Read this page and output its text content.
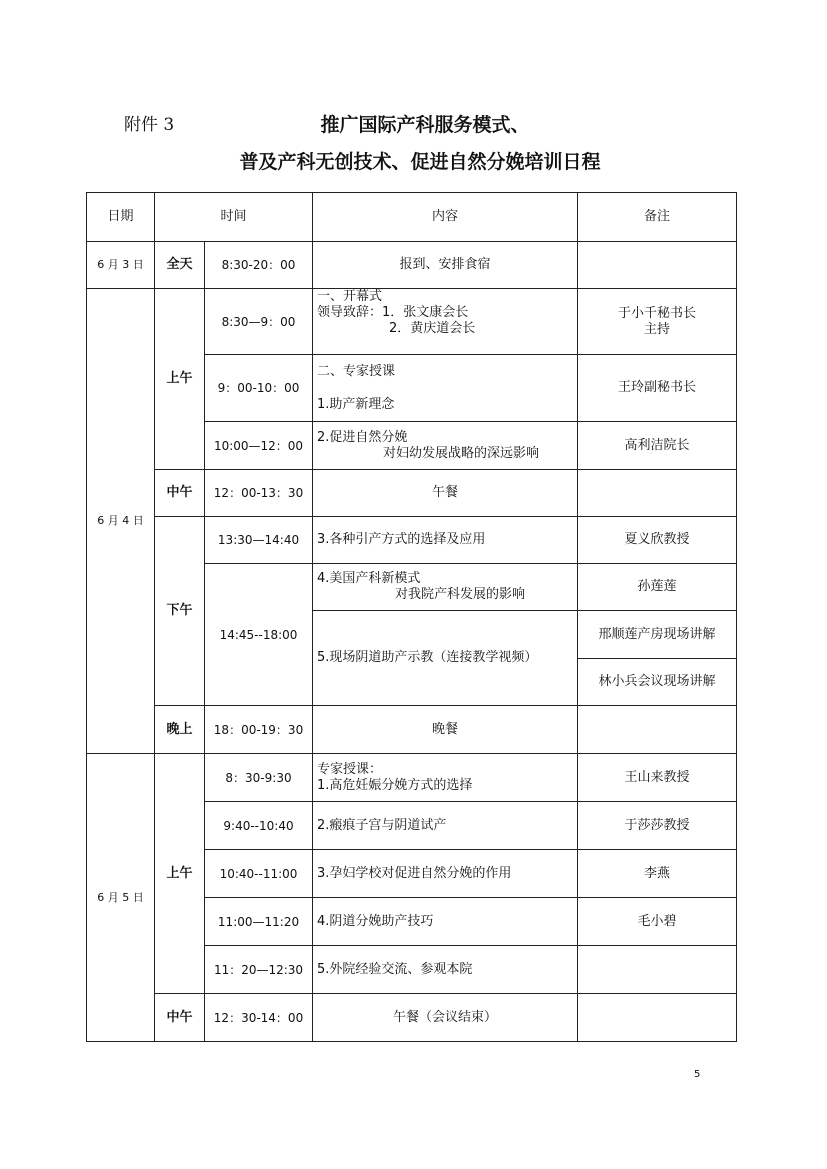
附件 3	推广国际产科服务模式、
普及产科无创技术、促进自然分娩培训日程
日期	时间		内容	备注
6 月 3 日	全天	8:30-20：00	报到、安排食宿	
6 月 4 日	上午	8:30—9：00	一、开幕式
领导致辞：1．张文康会长
2．黄庆道会长	于小千秘书长
主持

		9：00-10：00	二、专家授课
1.助产新理念	王玲副秘书长
		10:00—12：00	2.促进自然分娩
对妇幼发展战略的深远影响	高利洁院长
	中午	12：00-13：30	午餐	
	下午	13:30—14:40	3.各种引产方式的选择及应用	夏义欣教授
		14:45--18:00	4.美国产科新模式
对我院产科发展的影响	孙莲莲
			5.现场阴道助产示教（连接教学视频）	邢顺莲产房现场讲解
				林小兵会议现场讲解
	晚上	18：00-19：30	晚餐	
6 月 5 日	上午	8：30-9:30	专家授课：
1.高危妊娠分娩方式的选择	王山来教授
		9:40--10:40	2.瘢痕子宫与阴道试产	于莎莎教授
		10:40--11:00	3.孕妇学校对促进自然分娩的作用	李燕
		11:00—11:20	4.阴道分娩助产技巧	毛小碧
		11：20—12:30	5.外院经验交流、参观本院	
	中午	12：30-14：00	午餐（会议结束）	
5
